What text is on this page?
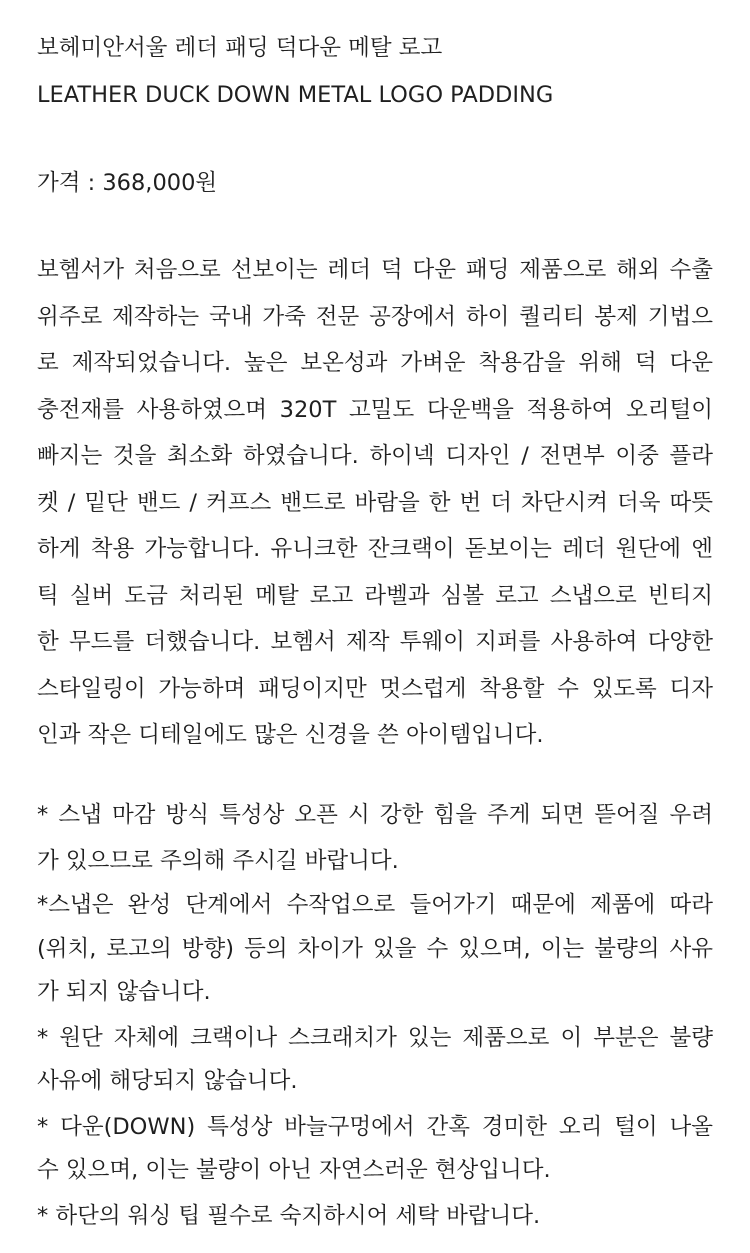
보헤미안서울 레더 패딩 덕다운 메탈 로고
LEATHER DUCK DOWN METAL LOGO PADDING
가격 : 368,000원
보헴서가 처음으로 선보이는 레더 덕 다운 패딩 제품으로 해외 수출
위주로 제작하는 국내 가죽 전문 공장에서 하이 퀄리티 봉제 기법으
로 제작되었습니다. 높은 보온성과 가벼운 착용감을 위해 덕 다운
충전재를 사용하였으며 320T 고밀도 다운백을 적용하여 오리털이
빠지는 것을 최소화 하였습니다. 하이넥 디자인 / 전면부 이중 플라
켓 / 밑단 밴드 / 커프스 밴드로 바람을 한 번 더 차단시켜 더욱 따뜻
하게 착용 가능합니다. 유니크한 잔크랙이 돋보이는 레더 원단에 엔
틱 실버 도금 처리된 메탈 로고 라벨과 심볼 로고 스냅으로 빈티지
한 무드를 더했습니다. 보헴서 제작 투웨이 지퍼를 사용하여 다양한
스타일링이 가능하며 패딩이지만 멋스럽게 착용할 수 있도록 디자
인과 작은 디테일에도 많은 신경을 쓴 아이템입니다.
* 스냅 마감 방식 특성상 오픈 시 강한 힘을 주게 되면 뜯어질 우려
가 있으므로 주의해 주시길 바랍니다.
*스냅은 완성 단계에서 수작업으로 들어가기 때문에 제품에 따라
(위치, 로고의 방향) 등의 차이가 있을 수 있으며, 이는 불량의 사유
가 되지 않습니다.
* 원단 자체에 크랙이나 스크래치가 있는 제품으로 이 부분은 불량
사유에 해당되지 않습니다.
* 다운(DOWN) 특성상 바늘구멍에서 간혹 경미한 오리 털이 나올
수 있으며, 이는 불량이 아닌 자연스러운 현상입니다.
* 하단의 워싱 팁 필수로 숙지하시어 세탁 바랍니다.
